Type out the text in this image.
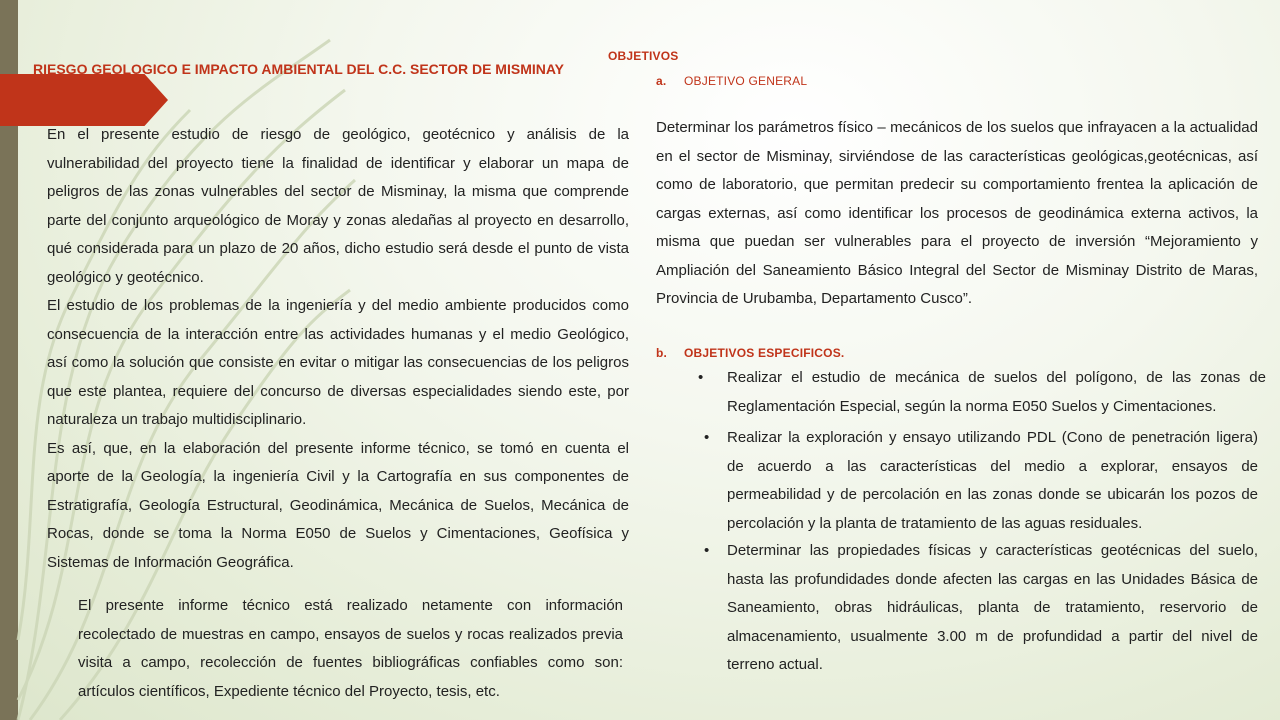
RIESGO GEOLOGICO E IMPACTO AMBIENTAL DEL C.C. SECTOR DE MISMINAY

En el presente estudio de riesgo de geológico, geotécnico y análisis de la vulnerabilidad del proyecto tiene la finalidad de identificar y elaborar un mapa de peligros de las zonas vulnerables del sector de Misminay, la misma que comprende parte del conjunto arqueológico de Moray y zonas aledañas al proyecto en desarrollo, qué considerada para un plazo de 20 años, dicho estudio será desde el punto de vista geológico y geotécnico.

El estudio de los problemas de la ingeniería y del medio ambiente producidos como consecuencia de la interacción entre las actividades humanas y el medio Geológico, así como la solución que consiste en evitar o mitigar las consecuencias de los peligros que este plantea, requiere del concurso de diversas especialidades siendo este, por naturaleza un trabajo multidisciplinario.

Es así, que, en la elaboración del presente informe técnico, se tomó en cuenta el aporte de la Geología, la ingeniería Civil y la Cartografía en sus componentes de Estratigrafía, Geología Estructural, Geodinámica, Mecánica de Suelos, Mecánica de Rocas, donde se toma la Norma E050 de Suelos y Cimentaciones, Geofísica y Sistemas de Información Geográfica.

El presente informe técnico está realizado netamente con información recolectado de muestras en campo, ensayos de suelos y rocas realizados previa visita a campo, recolección de fuentes bibliográficas confiables como son: artículos científicos, Expediente técnico del Proyecto, tesis, etc.

OBJETIVOS
a. OBJETIVO GENERAL

Determinar los parámetros físico – mecánicos de los suelos que infrayacen a la actualidad en el sector de Misminay, sirviéndose de las características geológicas,geotécnicas, así como de laboratorio, que permitan predecir su comportamiento frentea la aplicación de cargas externas, así como identificar los procesos de geodinámica externa activos, la misma que puedan ser vulnerables para el proyecto de inversión “Mejoramiento y Ampliación del Saneamiento Básico Integral del Sector de Misminay Distrito de Maras, Provincia de Urubamba, Departamento Cusco”.

b. OBJETIVOS ESPECIFICOS.
•	Realizar el estudio de mecánica de suelos del polígono, de las zonas de Reglamentación Especial, según la norma E050 Suelos y Cimentaciones.
•	Realizar la exploración y ensayo utilizando PDL (Cono de penetración ligera) de acuerdo a las características del medio a explorar, ensayos de permeabilidad y de percolación en las zonas donde se ubicarán los pozos de percolación y la planta de tratamiento de las aguas residuales.
•	Determinar las propiedades físicas y características geotécnicas del suelo, hasta las profundidades donde afecten las cargas en las Unidades Básica de Saneamiento, obras hidráulicas, planta de tratamiento, reservorio de almacenamiento, usualmente 3.00 m de profundidad a partir del nivel de terreno actual.
